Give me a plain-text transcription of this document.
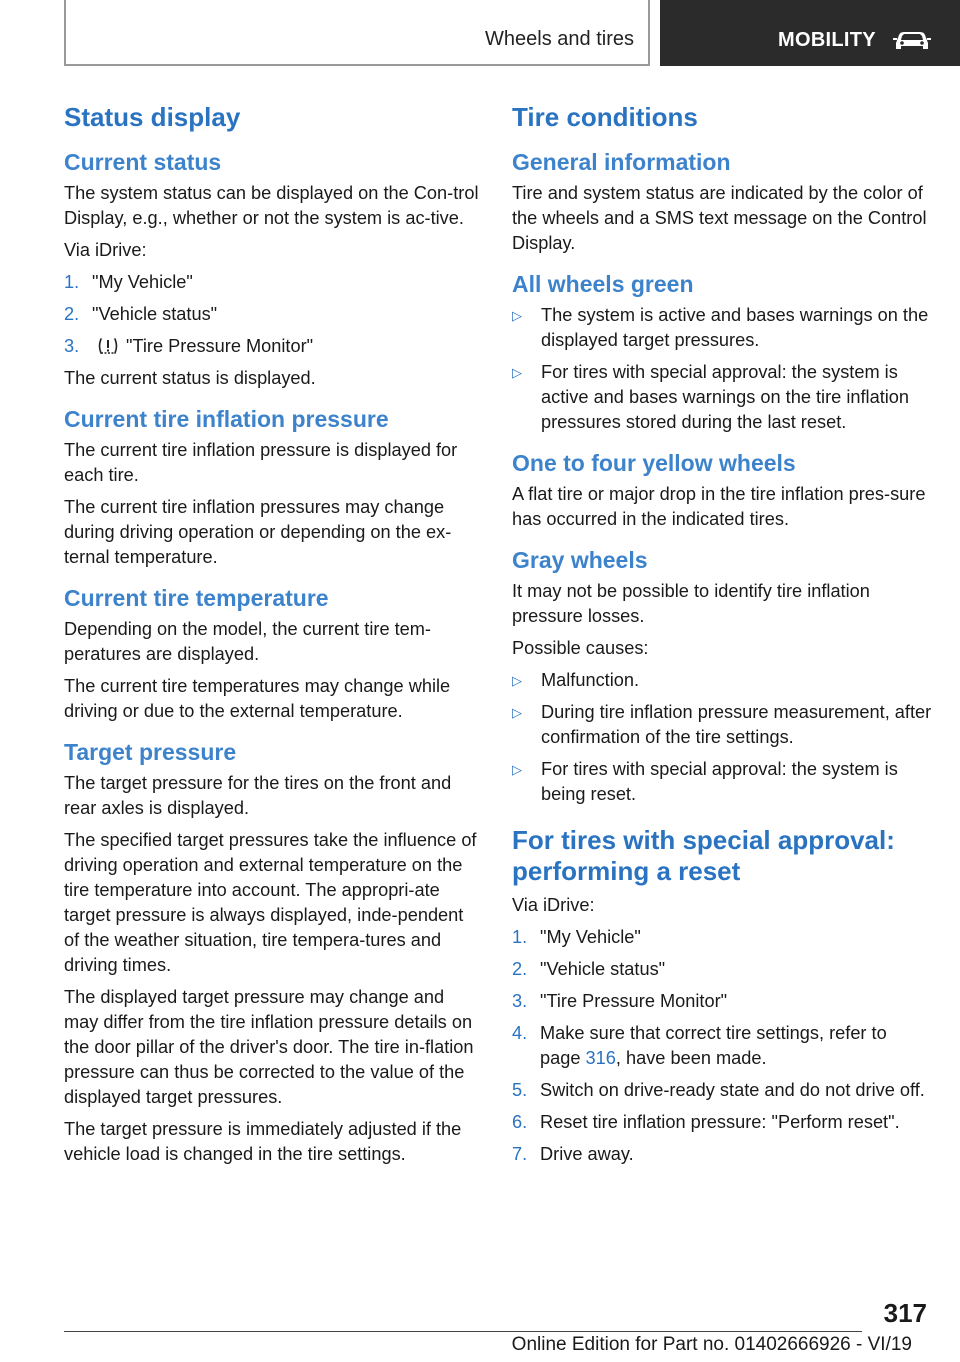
Wheels and tires	MOBILITY
Status display
Current status

The system status can be displayed on the Con-trol Display, e.g., whether or not the system is ac-tive.

Via iDrive:

1. "My Vehicle"
2. "Vehicle status"
3.	"Tire Pressure Monitor"

The current status is displayed.

Current tire inflation pressure

The current tire inflation pressure is displayed for each tire.

The current tire inflation pressures may change during driving operation or depending on the ex-ternal temperature.

Current tire temperature

Depending on the model, the current tire tem-peratures are displayed.

The current tire temperatures may change while driving or due to the external temperature.

Target pressure

The target pressure for the tires on the front and rear axles is displayed.

The specified target pressures take the influence of driving operation and external temperature on the tire temperature into account. The appropri-ate target pressure is always displayed, inde-pendent of the weather situation, tire tempera-tures and driving times.

The displayed target pressure may change and may differ from the tire inflation pressure details on the door pillar of the driver's door. The tire in-flation pressure can thus be corrected to the value of the displayed target pressures.

The target pressure is immediately adjusted if the vehicle load is changed in the tire settings.

Tire conditions
General information

Tire and system status are indicated by the color of the wheels and a SMS text message on the Control Display.

All wheels green
▷	The system is active and bases warnings on the displayed target pressures.
▷	For tires with special approval: the system is active and bases warnings on the tire inflation pressures stored during the last reset.
One to four yellow wheels

A flat tire or major drop in the tire inflation pres-sure has occurred in the indicated tires.

Gray wheels

It may not be possible to identify tire inflation pressure losses.

Possible causes:

▷	Malfunction.
▷	During tire inflation pressure measurement, after confirmation of the tire settings.
▷	For tires with special approval: the system is being reset.
For tires with special approval: performing a reset

Via iDrive:

1. "My Vehicle"
2. "Vehicle status"
3. "Tire Pressure Monitor"
4. Make sure that correct tire settings, refer to page 316, have been made.
5. Switch on drive-ready state and do not drive off.
6. Reset tire inflation pressure: "Perform reset".
7. Drive away.
317
Online Edition for Part no. 01402666926 - VI/19
